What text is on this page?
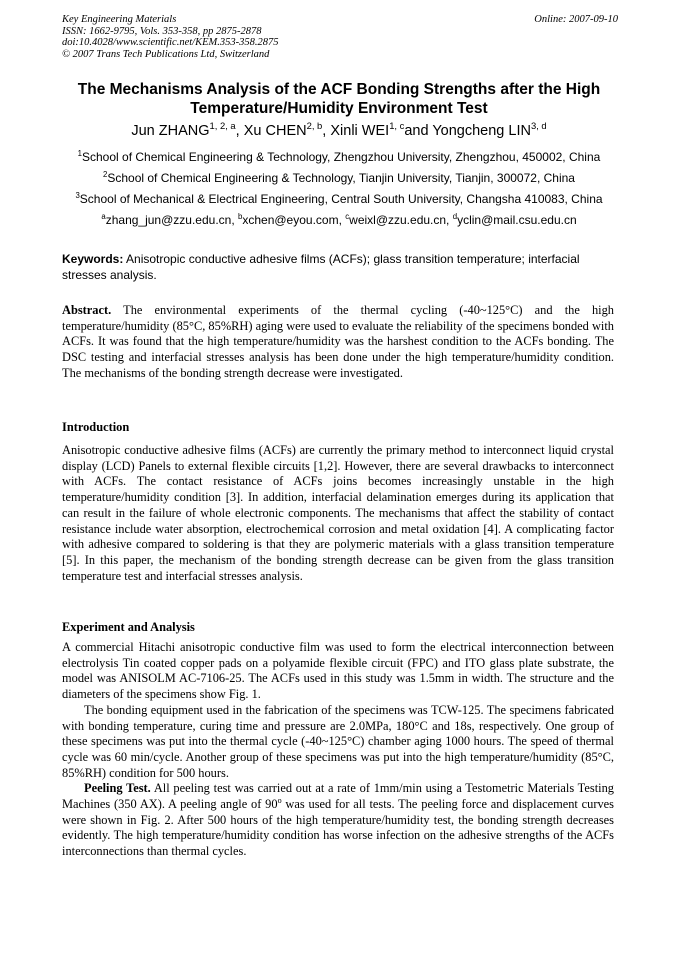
Key Engineering Materials
ISSN: 1662-9795, Vols. 353-358, pp 2875-2878
doi:10.4028/www.scientific.net/KEM.353-358.2875
© 2007 Trans Tech Publications Ltd, Switzerland
Online: 2007-09-10
The Mechanisms Analysis of the ACF Bonding Strengths after the High Temperature/Humidity Environment Test
Jun ZHANG$^{1, 2, a}$, Xu CHEN$^{2, b}$, Xinli WEI$^{1, c}$and Yongcheng LIN$^{3, d}$
$^1$School of Chemical Engineering & Technology, Zhengzhou University, Zhengzhou, 450002, China
$^2$School of Chemical Engineering & Technology, Tianjin University, Tianjin, 300072, China
$^3$School of Mechanical & Electrical Engineering, Central South University, Changsha 410083, China
$^a$zhang_jun@zzu.edu.cn, $^b$xchen@eyou.com, $^c$weixl@zzu.edu.cn, $^d$yclin@mail.csu.edu.cn
Keywords: Anisotropic conductive adhesive films (ACFs); glass transition temperature; interfacial stresses analysis.
Abstract. The environmental experiments of the thermal cycling (-40~125°C) and the high temperature/humidity (85°C, 85%RH) aging were used to evaluate the reliability of the specimens bonded with ACFs. It was found that the high temperature/humidity was the harshest condition to the ACFs bonding. The DSC testing and interfacial stresses analysis has been done under the high temperature/humidity condition. The mechanisms of the bonding strength decrease were investigated.
Introduction
Anisotropic conductive adhesive films (ACFs) are currently the primary method to interconnect liquid crystal display (LCD) Panels to external flexible circuits [1,2]. However, there are several drawbacks to interconnect with ACFs. The contact resistance of ACFs joins becomes increasingly unstable in the high temperature/humidity condition [3]. In addition, interfacial delamination emerges during its application that can result in the failure of whole electronic components. The mechanisms that affect the stability of contact resistance include water absorption, electrochemical corrosion and metal oxidation [4]. A complicating factor with adhesive compared to soldering is that they are polymeric materials with a glass transition temperature [5]. In this paper, the mechanism of the bonding strength decrease can be given from the glass transition temperature test and interfacial stresses analysis.
Experiment and Analysis

A commercial Hitachi anisotropic conductive film was used to form the electrical interconnection between electrolysis Tin coated copper pads on a polyamide flexible circuit (FPC) and ITO glass plate substrate, the model was ANISOLM AC-7106-25. The ACFs used in this study was 1.5mm in width. The structure and the diameters of the specimens show Fig. 1.

The bonding equipment used in the fabrication of the specimens was TCW-125. The specimens fabricated with bonding temperature, curing time and pressure are 2.0MPa, 180°C and 18s, respectively. One group of these specimens was put into the thermal cycle (-40~125°C) chamber aging 1000 hours. The speed of thermal cycle was 60 min/cycle. Another group of these specimens was put into the high temperature/humidity (85°C, 85%RH) condition for 500 hours.

Peeling Test. All peeling test was carried out at a rate of 1mm/min using a Testometric Materials Testing Machines (350 AX). A peeling angle of 90$^o$ was used for all tests. The peeling force and displacement curves were shown in Fig. 2. After 500 hours of the high temperature/humidity test, the bonding strength decreases evidently. The high temperature/humidity condition has worse infection on the adhesive strengths of the ACFs interconnections than thermal cycles.
